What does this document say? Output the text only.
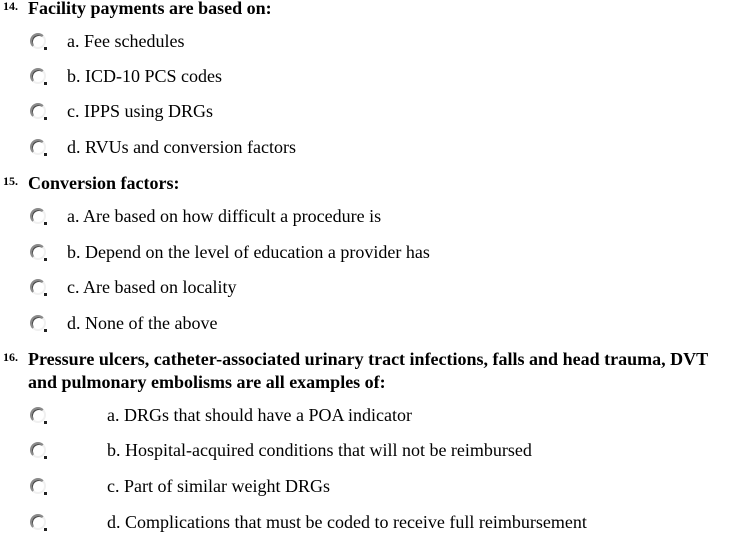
14. Facility payments are based on:
a. Fee schedules
b. ICD-10 PCS codes
c. IPPS using DRGs
d. RVUs and conversion factors
15. Conversion factors:
a. Are based on how difficult a procedure is
b. Depend on the level of education a provider has
c. Are based on locality
d. None of the above
16. Pressure ulcers, catheter-associated urinary tract infections, falls and head trauma, DVT
and pulmonary embolisms are all examples of:
a. DRGs that should have a POA indicator
b. Hospital-acquired conditions that will not be reimbursed
c. Part of similar weight DRGs
d. Complications that must be coded to receive full reimbursement
